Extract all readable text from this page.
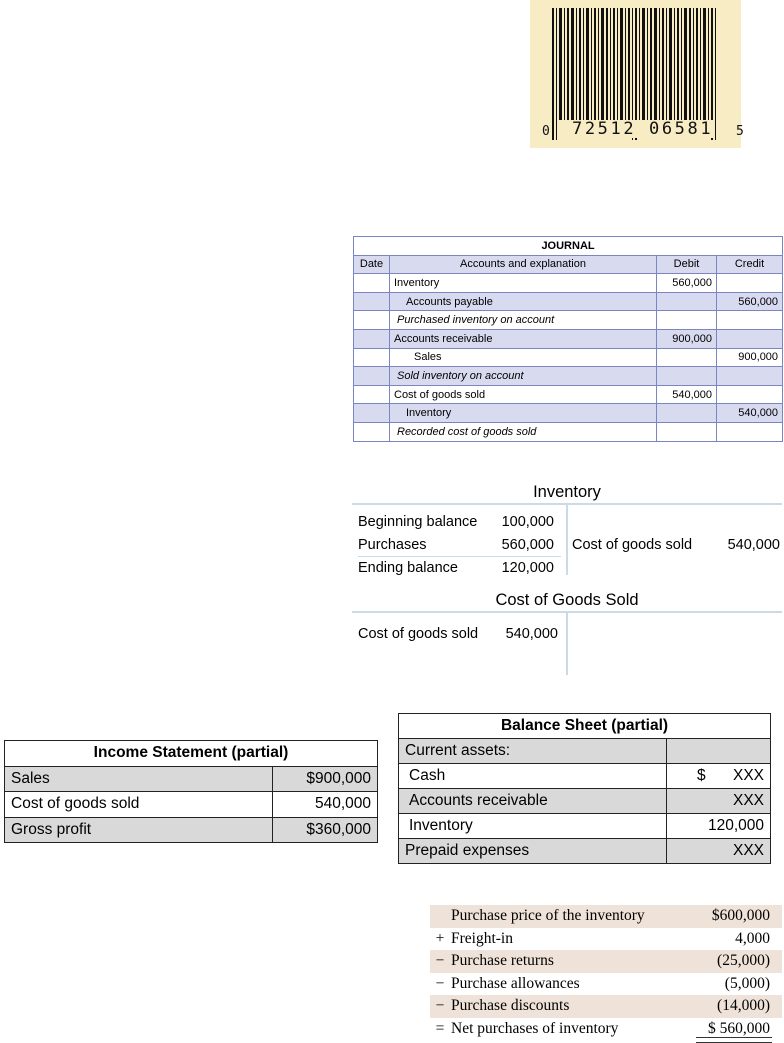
0 72512 06581 5
JOURNAL			
Date	Accounts and explanation	Debit	Credit
	Inventory	560,000	
	Accounts payable		560,000
	Purchased inventory on account		
	Accounts receivable	900,000	
	Sales		900,000
	Sold inventory on account		
	Cost of goods sold	540,000	
	Inventory		540,000
	Recorded cost of goods sold		
Inventory
Beginning balance 100,000
Purchases	560,000 Cost of goods sold 540,000
Ending balance	120,000
Cost of Goods Sold
Cost of goods sold 540,000
Income Statement (partial)	
Sales	$900,000
Cost of goods sold	540,000
Gross profit	$360,000
Balance Sheet (partial)	
Current assets:	
Cash	$ XXX
Accounts receivable	XXX
Inventory	120,000
Prepaid expenses	XXX
Purchase price of the inventory	$600,000
+ Freight-in	4,000
− Purchase returns	(25,000)
− Purchase allowances	(5,000)
− Purchase discounts	(14,000)
= Net purchases of inventory	$ 560,000
